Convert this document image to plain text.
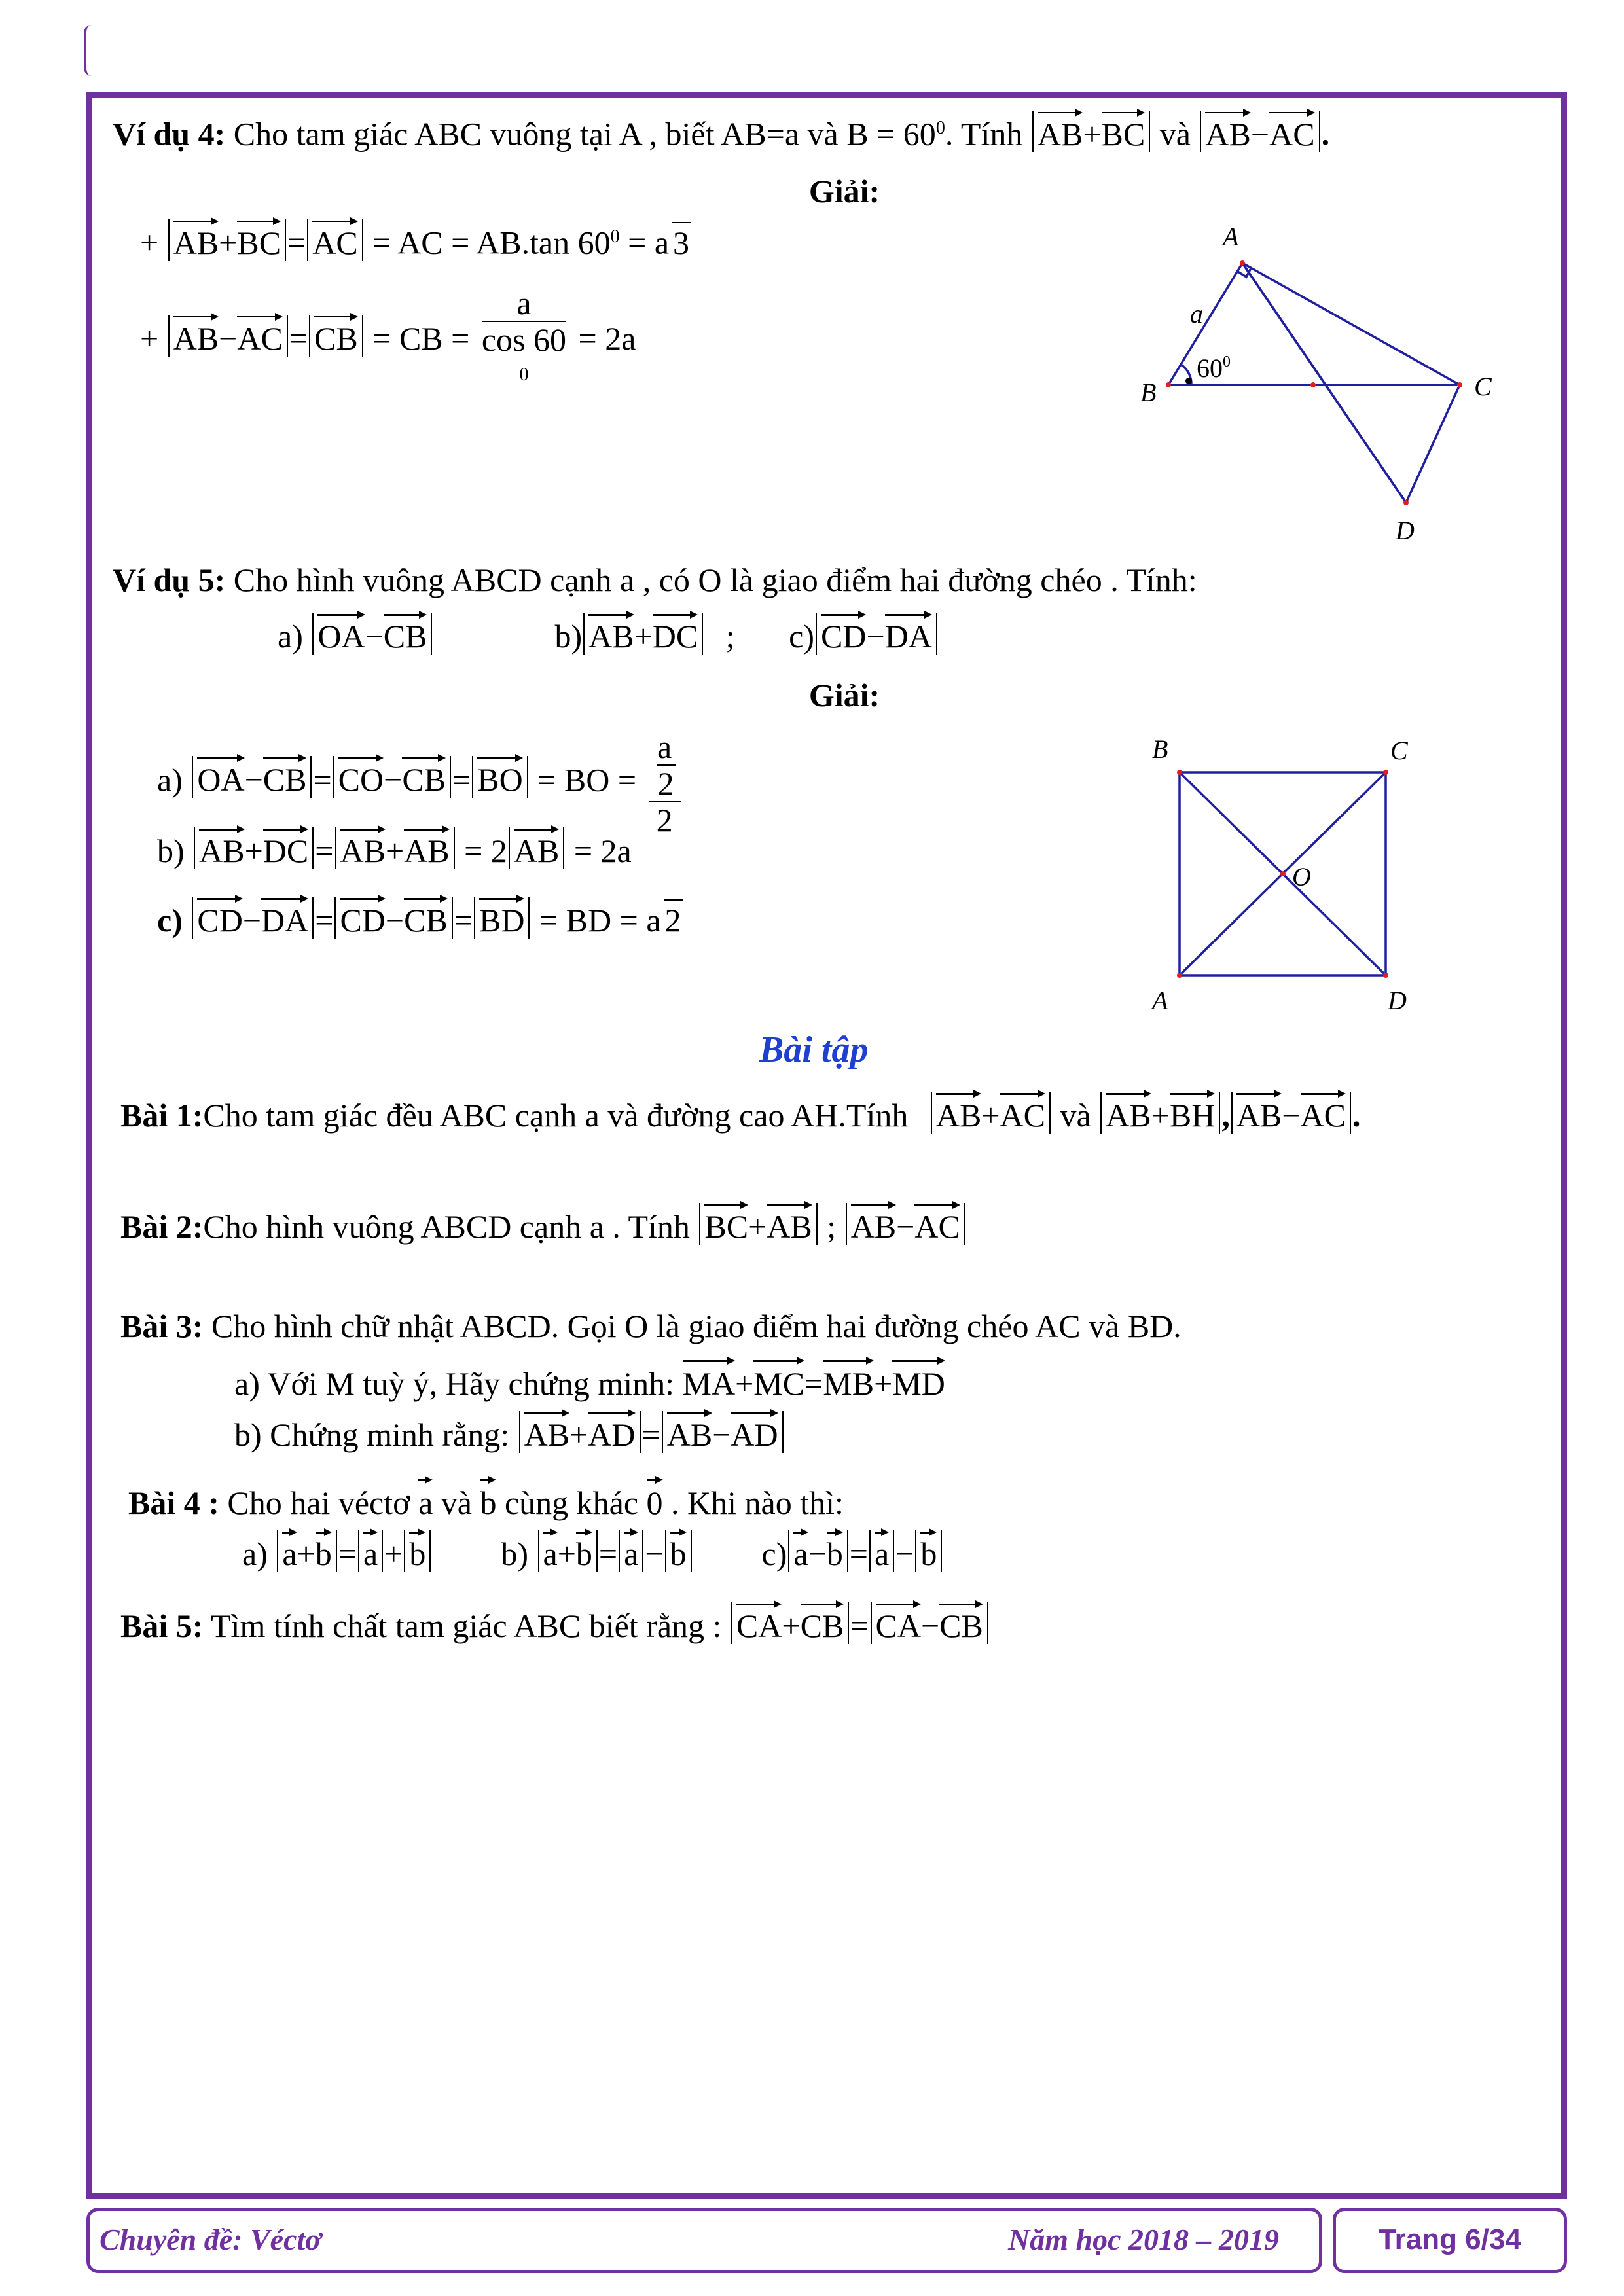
Ví dụ 4: Cho tam giác ABC vuông tại A , biết AB=a và $B = 60^0$. Tính AB+BC và AB−AC .
Giải:
+ AB+BC = AC = AC = AB.tan $60^0 = a$ 3
+ AB−AC = CB = CB = a
cos 60
$^0$ = 2a
A
B	C
D
a
$60^0$
Ví dụ 5: Cho hình vuông ABCD cạnh a , có O là giao điểm hai đường chéo . Tính:
a) OA−CB	b) AB+DC ; c) CD−DA
Giải:
a) OA−CB = CO−CB = BO = BO = a
2
2
b) AB+DC = AB+AB = 2 AB = 2a
c) CD−DA = CD−CB = BD = BD = a 2
B	C
A	D
O
Bài tập
Bài 1:Cho tam giác đều ABC cạnh a và đường cao AH.Tính AB+AC và AB+BH , AB−AC .
Bài 2:Cho hình vuông ABCD cạnh a . Tính BC+AB ; AB−AC
Bài 3: Cho hình chữ nhật ABCD. Gọi O là giao điểm hai đường chéo AC và BD.
a) Với M tuỳ ý, Hãy chứng minh: MA+MC=MB+MD
b) Chứng minh rằng: AB+AD = AB−AD
Bài 4 : Cho hai véctơ a và b cùng khác 0 . Khi nào thì:
a) a+b = a + b b) a+b = a − b c) a−b = a − b
Bài 5: Tìm tính chất tam giác ABC biết rằng : CA+CB = CA−CB
Chuyên đề: Véctơ	Năm học 2018 – 2019	Trang 6/34
